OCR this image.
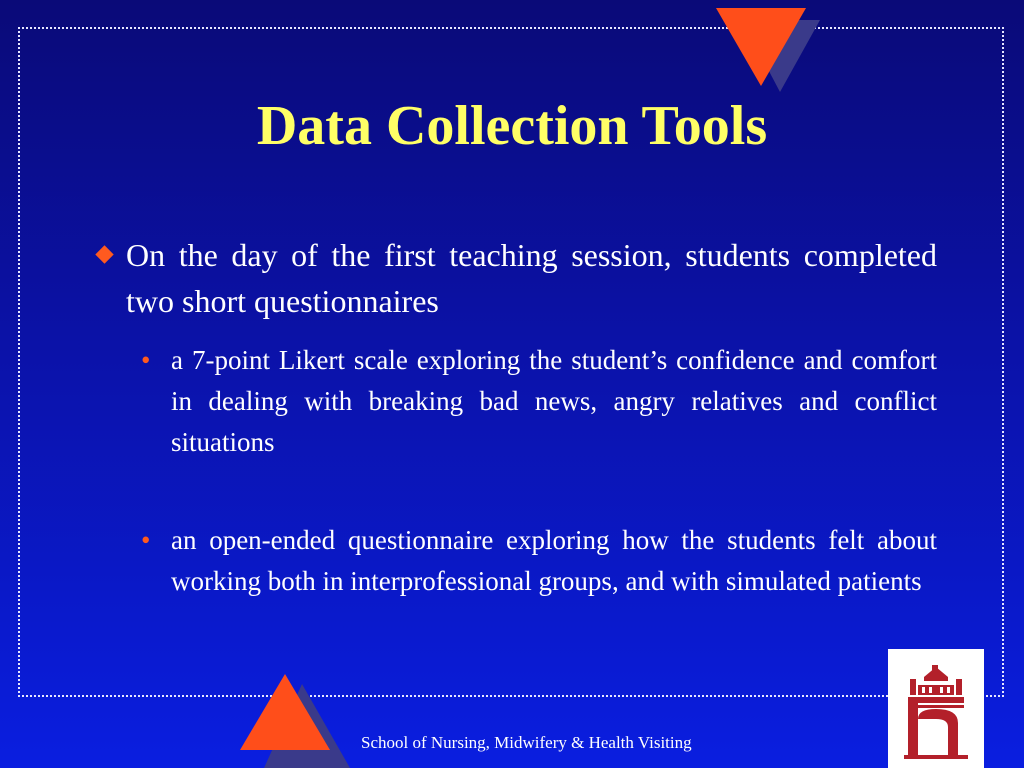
Data Collection Tools
On the day of the first teaching session, students completed two short questionnaires
• a 7-point Likert scale exploring the student’s confidence and comfort in dealing with breaking bad news, angry relatives and conflict situations
• an open-ended questionnaire exploring how the students felt about working both in interprofessional groups, and with simulated patients
School of Nursing, Midwifery & Health Visiting
